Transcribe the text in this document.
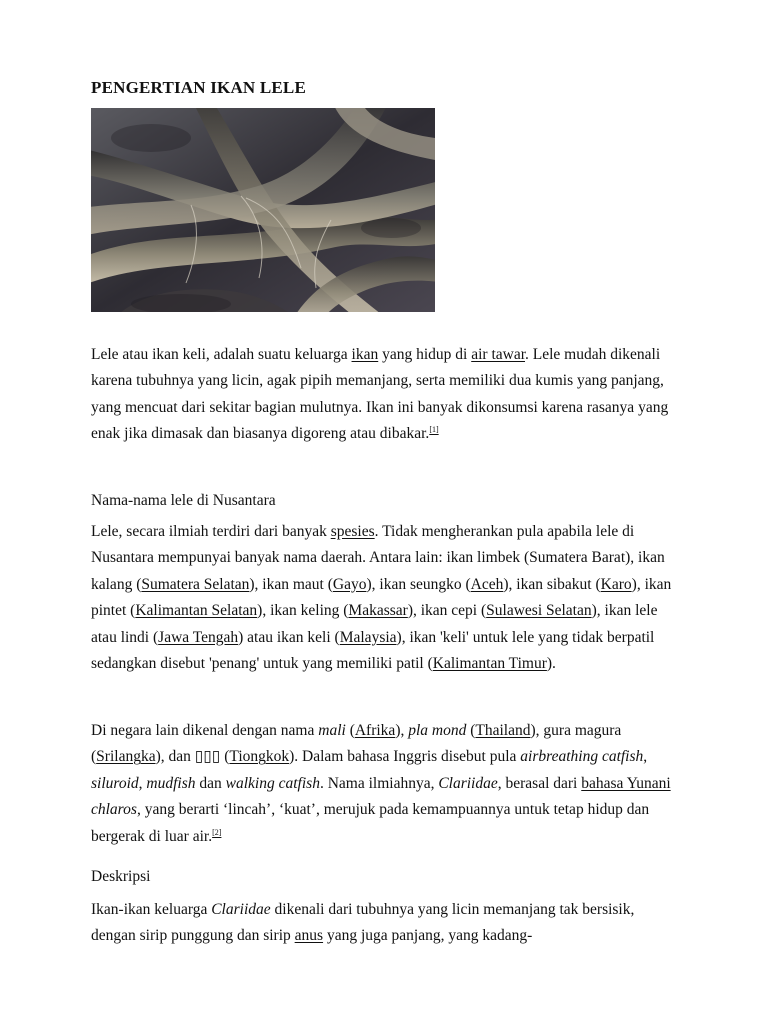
PENGERTIAN IKAN LELE

Lele atau ikan keli, adalah suatu keluarga ikan yang hidup di air tawar. Lele mudah dikenali karena tubuhnya yang licin, agak pipih memanjang, serta memiliki dua kumis yang panjang, yang mencuat dari sekitar bagian mulutnya. Ikan ini banyak dikonsumsi karena rasanya yang enak jika dimasak dan biasanya digoreng atau dibakar.[1]

Nama-nama lele di Nusantara

Lele, secara ilmiah terdiri dari banyak spesies. Tidak mengherankan pula apabila lele di Nusantara mempunyai banyak nama daerah. Antara lain: ikan limbek (Sumatera Barat), ikan kalang (Sumatera Selatan), ikan maut (Gayo), ikan seungko (Aceh), ikan sibakut (Karo), ikan pintet (Kalimantan Selatan), ikan keling (Makassar), ikan cepi (Sulawesi Selatan), ikan lele atau lindi (Jawa Tengah) atau ikan keli (Malaysia), ikan 'keli' untuk lele yang tidak berpatil sedangkan disebut 'penang' untuk yang memiliki patil (Kalimantan Timur).

Di negara lain dikenal dengan nama mali (Afrika), pla mond (Thailand), gura magura (Srilangka), dan ▯▯▯ (Tiongkok). Dalam bahasa Inggris disebut pula airbreathing catfish, siluroid, mudfish dan walking catfish. Nama ilmiahnya, Clariidae, berasal dari bahasa Yunani chlaros, yang berarti ‘lincah’, ‘kuat’, merujuk pada kemampuannya untuk tetap hidup dan bergerak di luar air.[2]

Deskripsi

Ikan-ikan keluarga Clariidae dikenali dari tubuhnya yang licin memanjang tak bersisik, dengan sirip punggung dan sirip anus yang juga panjang, yang kadang-
